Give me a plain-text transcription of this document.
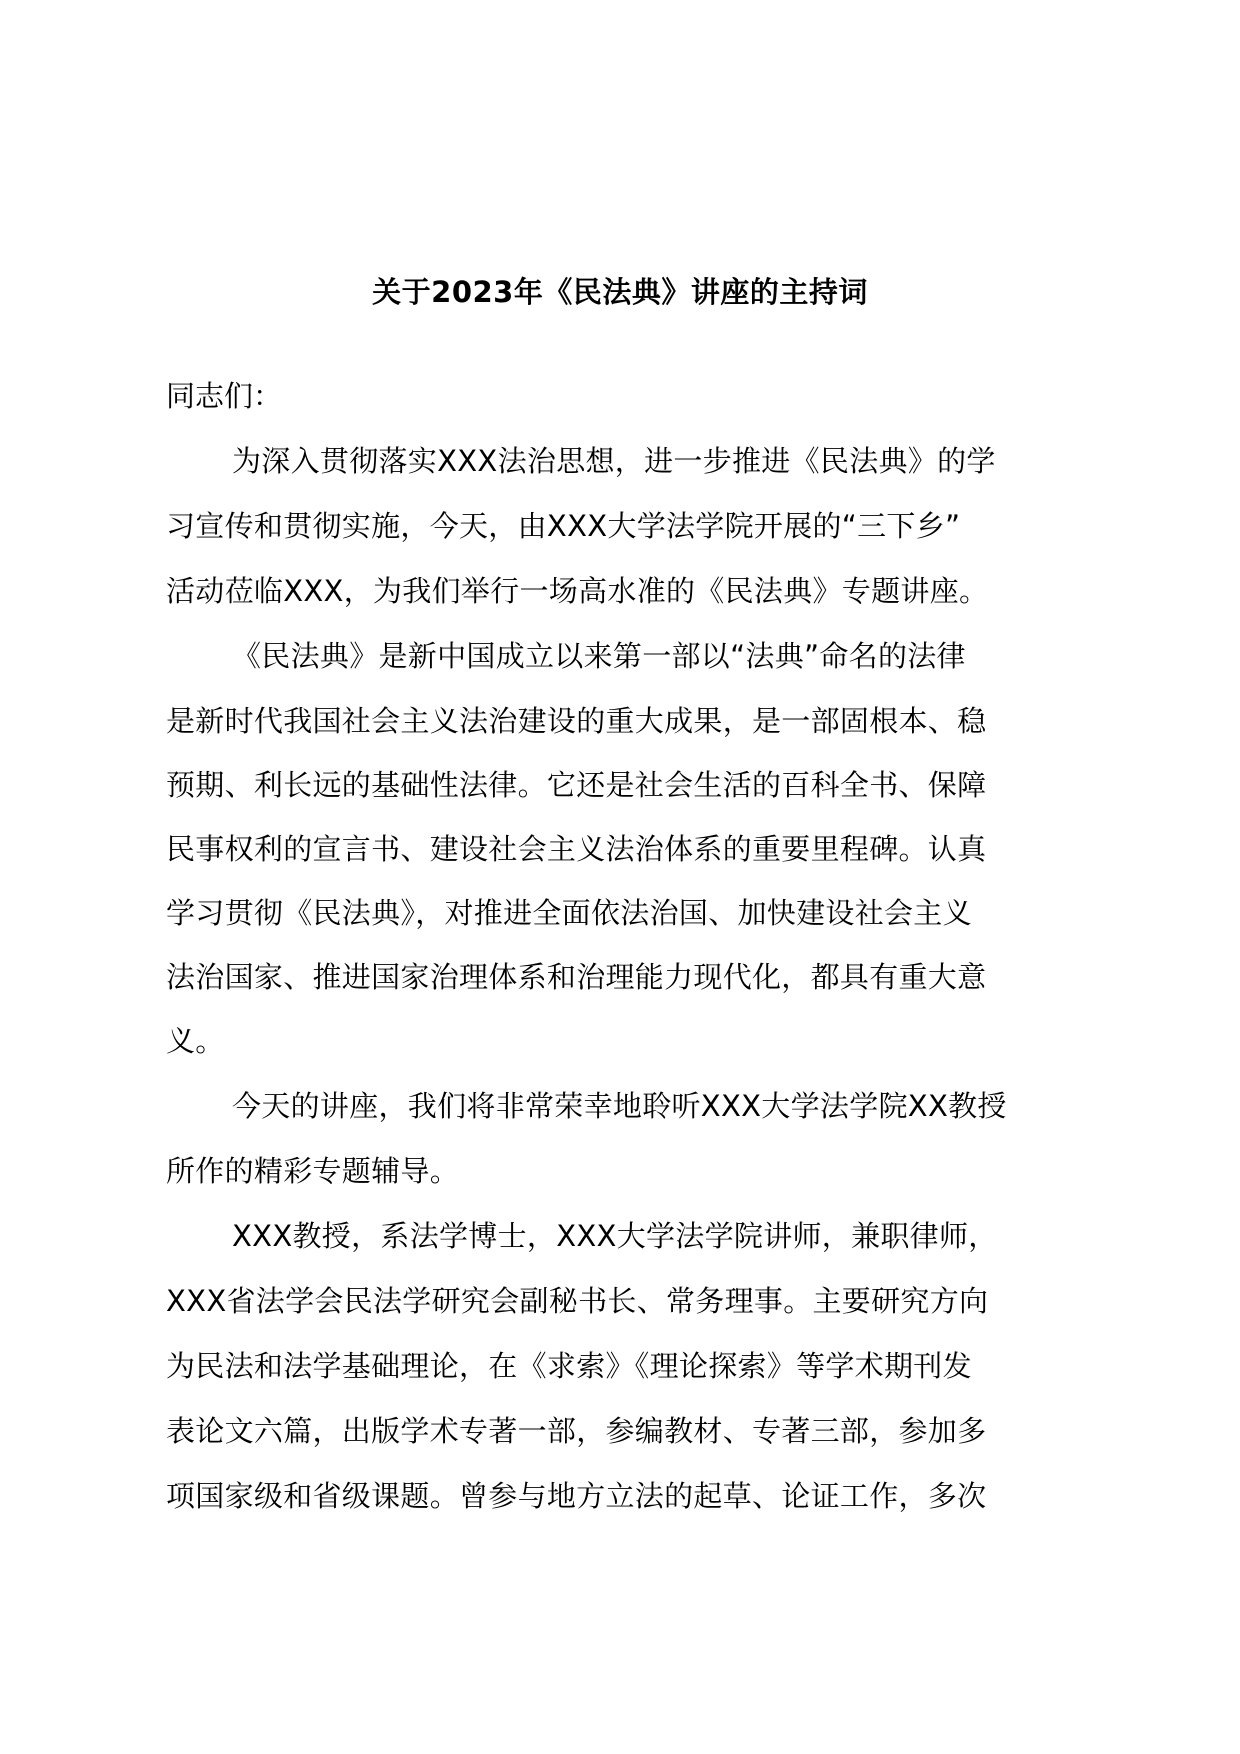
关于2023年《民法典》讲座的主持词
同志们：
为深入贯彻落实XXX法治思想，进一步推进《民法典》的学
习宣传和贯彻实施，今天，由XXX大学法学院开展的“三下乡”
活动莅临XXX，为我们举行一场高水准的《民法典》专题讲座。
《民法典》是新中国成立以来第一部以“法典”命名的法律
是新时代我国社会主义法治建设的重大成果，是一部固根本、稳
预期、利长远的基础性法律。它还是社会生活的百科全书、保障
民事权利的宣言书、建设社会主义法治体系的重要里程碑。认真
学习贯彻《民法典》，对推进全面依法治国、加快建设社会主义
法治国家、推进国家治理体系和治理能力现代化，都具有重大意
义。
今天的讲座，我们将非常荣幸地聆听XXX大学法学院XX教授
所作的精彩专题辅导。
XXX教授，系法学博士，XXX大学法学院讲师，兼职律师，
XXX省法学会民法学研究会副秘书长、常务理事。主要研究方向
为民法和法学基础理论，在《求索》《理论探索》等学术期刊发
表论文六篇，出版学术专著一部，参编教材、专著三部，参加多
项国家级和省级课题。曾参与地方立法的起草、论证工作，多次
